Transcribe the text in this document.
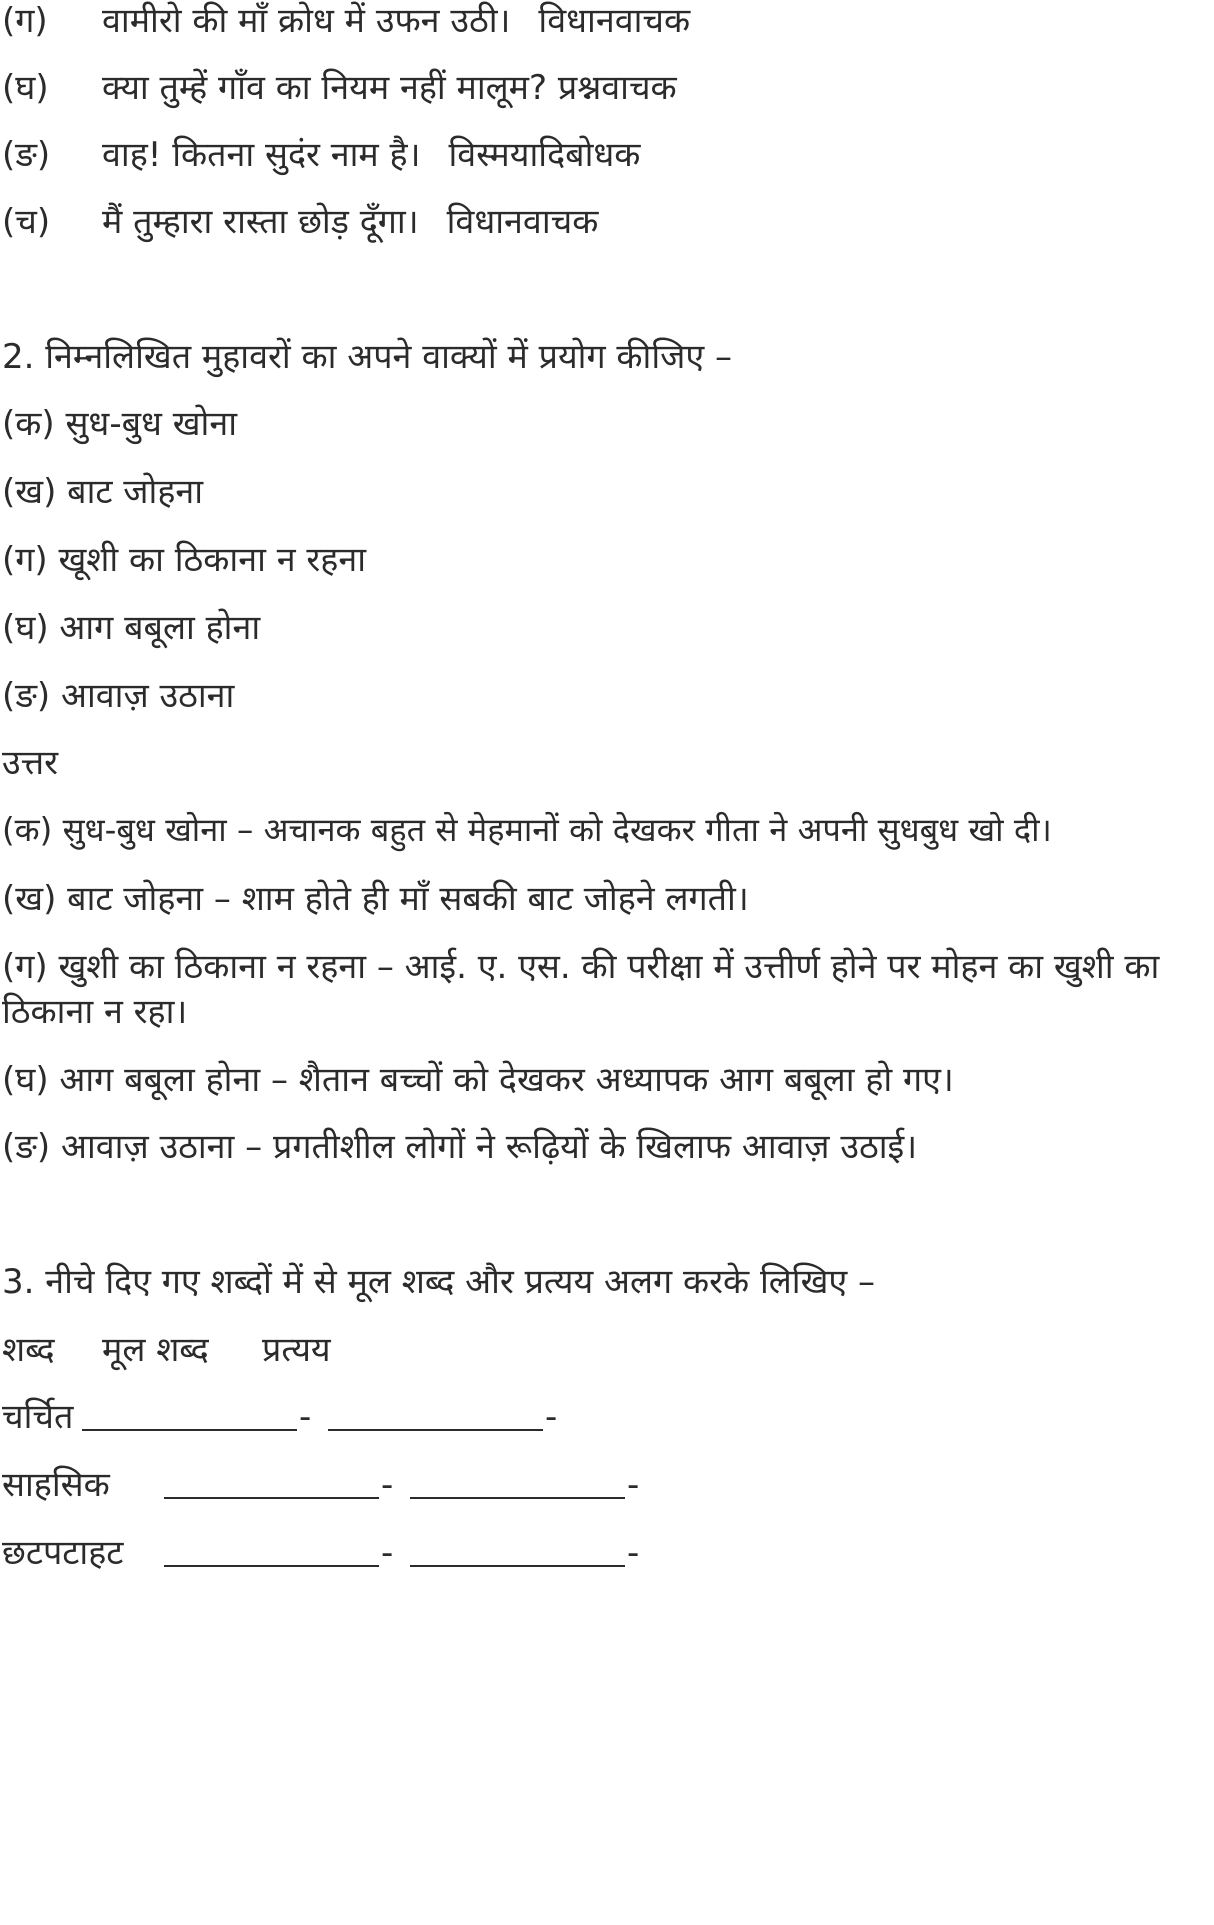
(ग) वामीरो की माँ क्रोध में उफन उठी। विधानवाचक
(घ) क्या तुम्हें गाँव का नियम नहीं मालूम? प्रश्नवाचक
(ङ) वाह! कितना सुदंर नाम है। विस्मयादिबोधक
(च) मैं तुम्हारा रास्ता छोड़ दूँगा। विधानवाचक
2. निम्नलिखित मुहावरों का अपने वाक्यों में प्रयोग कीजिए –
(क) सुध-बुध खोना
(ख) बाट जोहना
(ग) खूशी का ठिकाना न रहना
(घ) आग बबूला होना
(ङ) आवाज़ उठाना
उत्तर
(क) सुध-बुध खोना – अचानक बहुत से मेहमानों को देखकर गीता ने अपनी सुधबुध खो दी।
(ख) बाट जोहना – शाम होते ही माँ सबकी बाट जोहने लगती।
(ग) खुशी का ठिकाना न रहना – आई. ए. एस. की परीक्षा में उत्तीर्ण होने पर मोहन का खुशी का ठिकाना न रहा।
(घ) आग बबूला होना – शैतान बच्चों को देखकर अध्यापक आग बबूला हो गए।
(ङ) आवाज़ उठाना – प्रगतीशील लोगों ने रूढ़ियों के खिलाफ आवाज़ उठाई।
3. नीचे दिए गए शब्दों में से मूल शब्द और प्रत्यय अलग करके लिखिए –
शब्द मूल शब्द प्रत्यय
चर्चित	-	-
साहसिक	-	-
छटपटाहट	-	-
